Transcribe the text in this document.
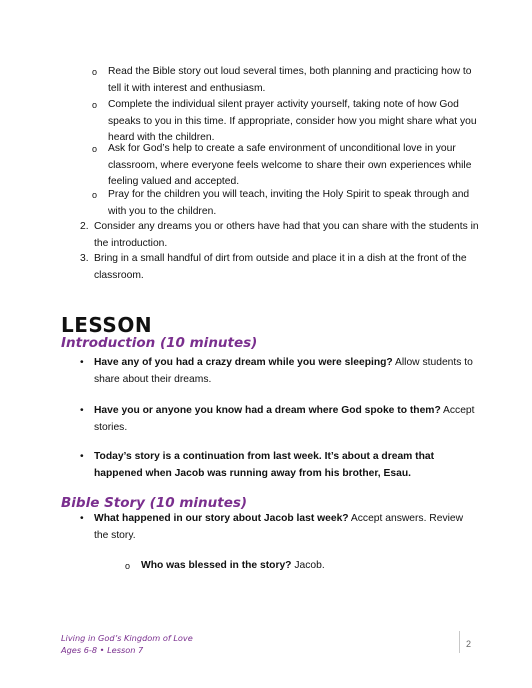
o Read the Bible story out loud several times, both planning and practicing how to tell it with interest and enthusiasm.
o Complete the individual silent prayer activity yourself, taking note of how God speaks to you in this time. If appropriate, consider how you might share what you heard with the children.
o Ask for God’s help to create a safe environment of unconditional love in your classroom, where everyone feels welcome to share their own experiences while feeling valued and accepted.
o Pray for the children you will teach, inviting the Holy Spirit to speak through and with you to the children.
2. Consider any dreams you or others have had that you can share with the students in the introduction.
3. Bring in a small handful of dirt from outside and place it in a dish at the front of the classroom.
LESSON
Introduction (10 minutes)
• Have any of you had a crazy dream while you were sleeping? Allow students to share about their dreams.
• Have you or anyone you know had a dream where God spoke to them? Accept stories.
• Today’s story is a continuation from last week. It’s about a dream that happened when Jacob was running away from his brother, Esau.
Bible Story (10 minutes)
• What happened in our story about Jacob last week? Accept answers. Review the story.
o Who was blessed in the story? Jacob.
Living in God’s Kingdom of Love
Ages 6-8 • Lesson 7
2
